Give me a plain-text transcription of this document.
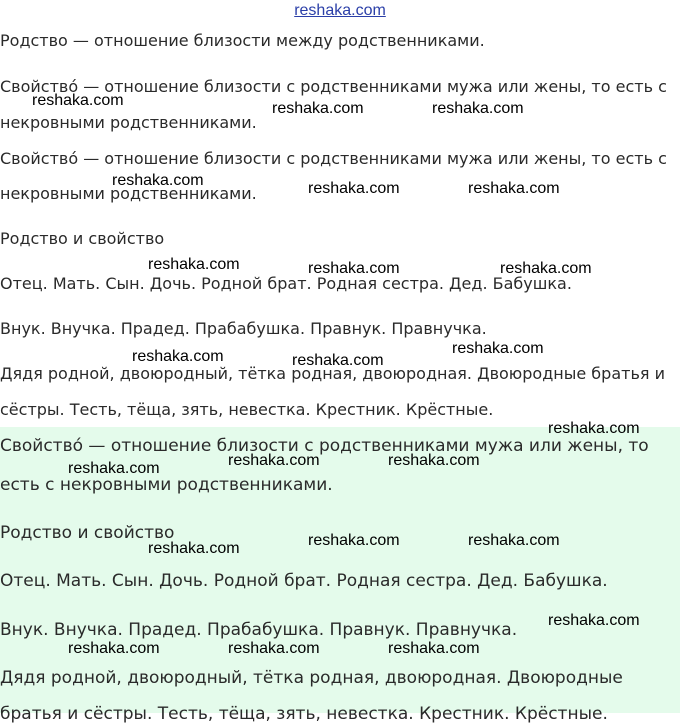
reshaka.com
Родство — отношение близости между родственниками.
Свойство́ — отношение близости с родственниками мужа или жены, то есть с
некровными родственниками.
Свойство́ — отношение близости с родственниками мужа или жены, то есть с
некровными родственниками.
Родство и свойство
Отец. Мать. Сын. Дочь. Родной брат. Родная сестра. Дед. Бабушка.
Внук. Внучка. Прадед. Прабабушка. Правнук. Правнучка.
Дядя родной, двоюродный, тётка родная, двоюродная. Двоюродные братья и
сёстры. Тесть, тёща, зять, невестка. Крестник. Крёстные.
Свойство́ — отношение близости с родственниками мужа или жены, то
есть с некровными родственниками.
Родство и свойство
Отец. Мать. Сын. Дочь. Родной брат. Родная сестра. Дед. Бабушка.
Внук. Внучка. Прадед. Прабабушка. Правнук. Правнучка.
Дядя родной, двоюродный, тётка родная, двоюродная. Двоюродные
братья и сёстры. Тесть, тёща, зять, невестка. Крестник. Крёстные.
reshaka.com	reshaka.com	reshaka.com
reshaka.com	reshaka.com	reshaka.com
reshaka.com	reshaka.com	reshaka.com
reshaka.com	reshaka.com
reshaka.com
reshaka.com
reshaka.com	reshaka.com	reshaka.com
reshaka.com	reshaka.com	reshaka.com
reshaka.com
reshaka.com	reshaka.com	reshaka.com
